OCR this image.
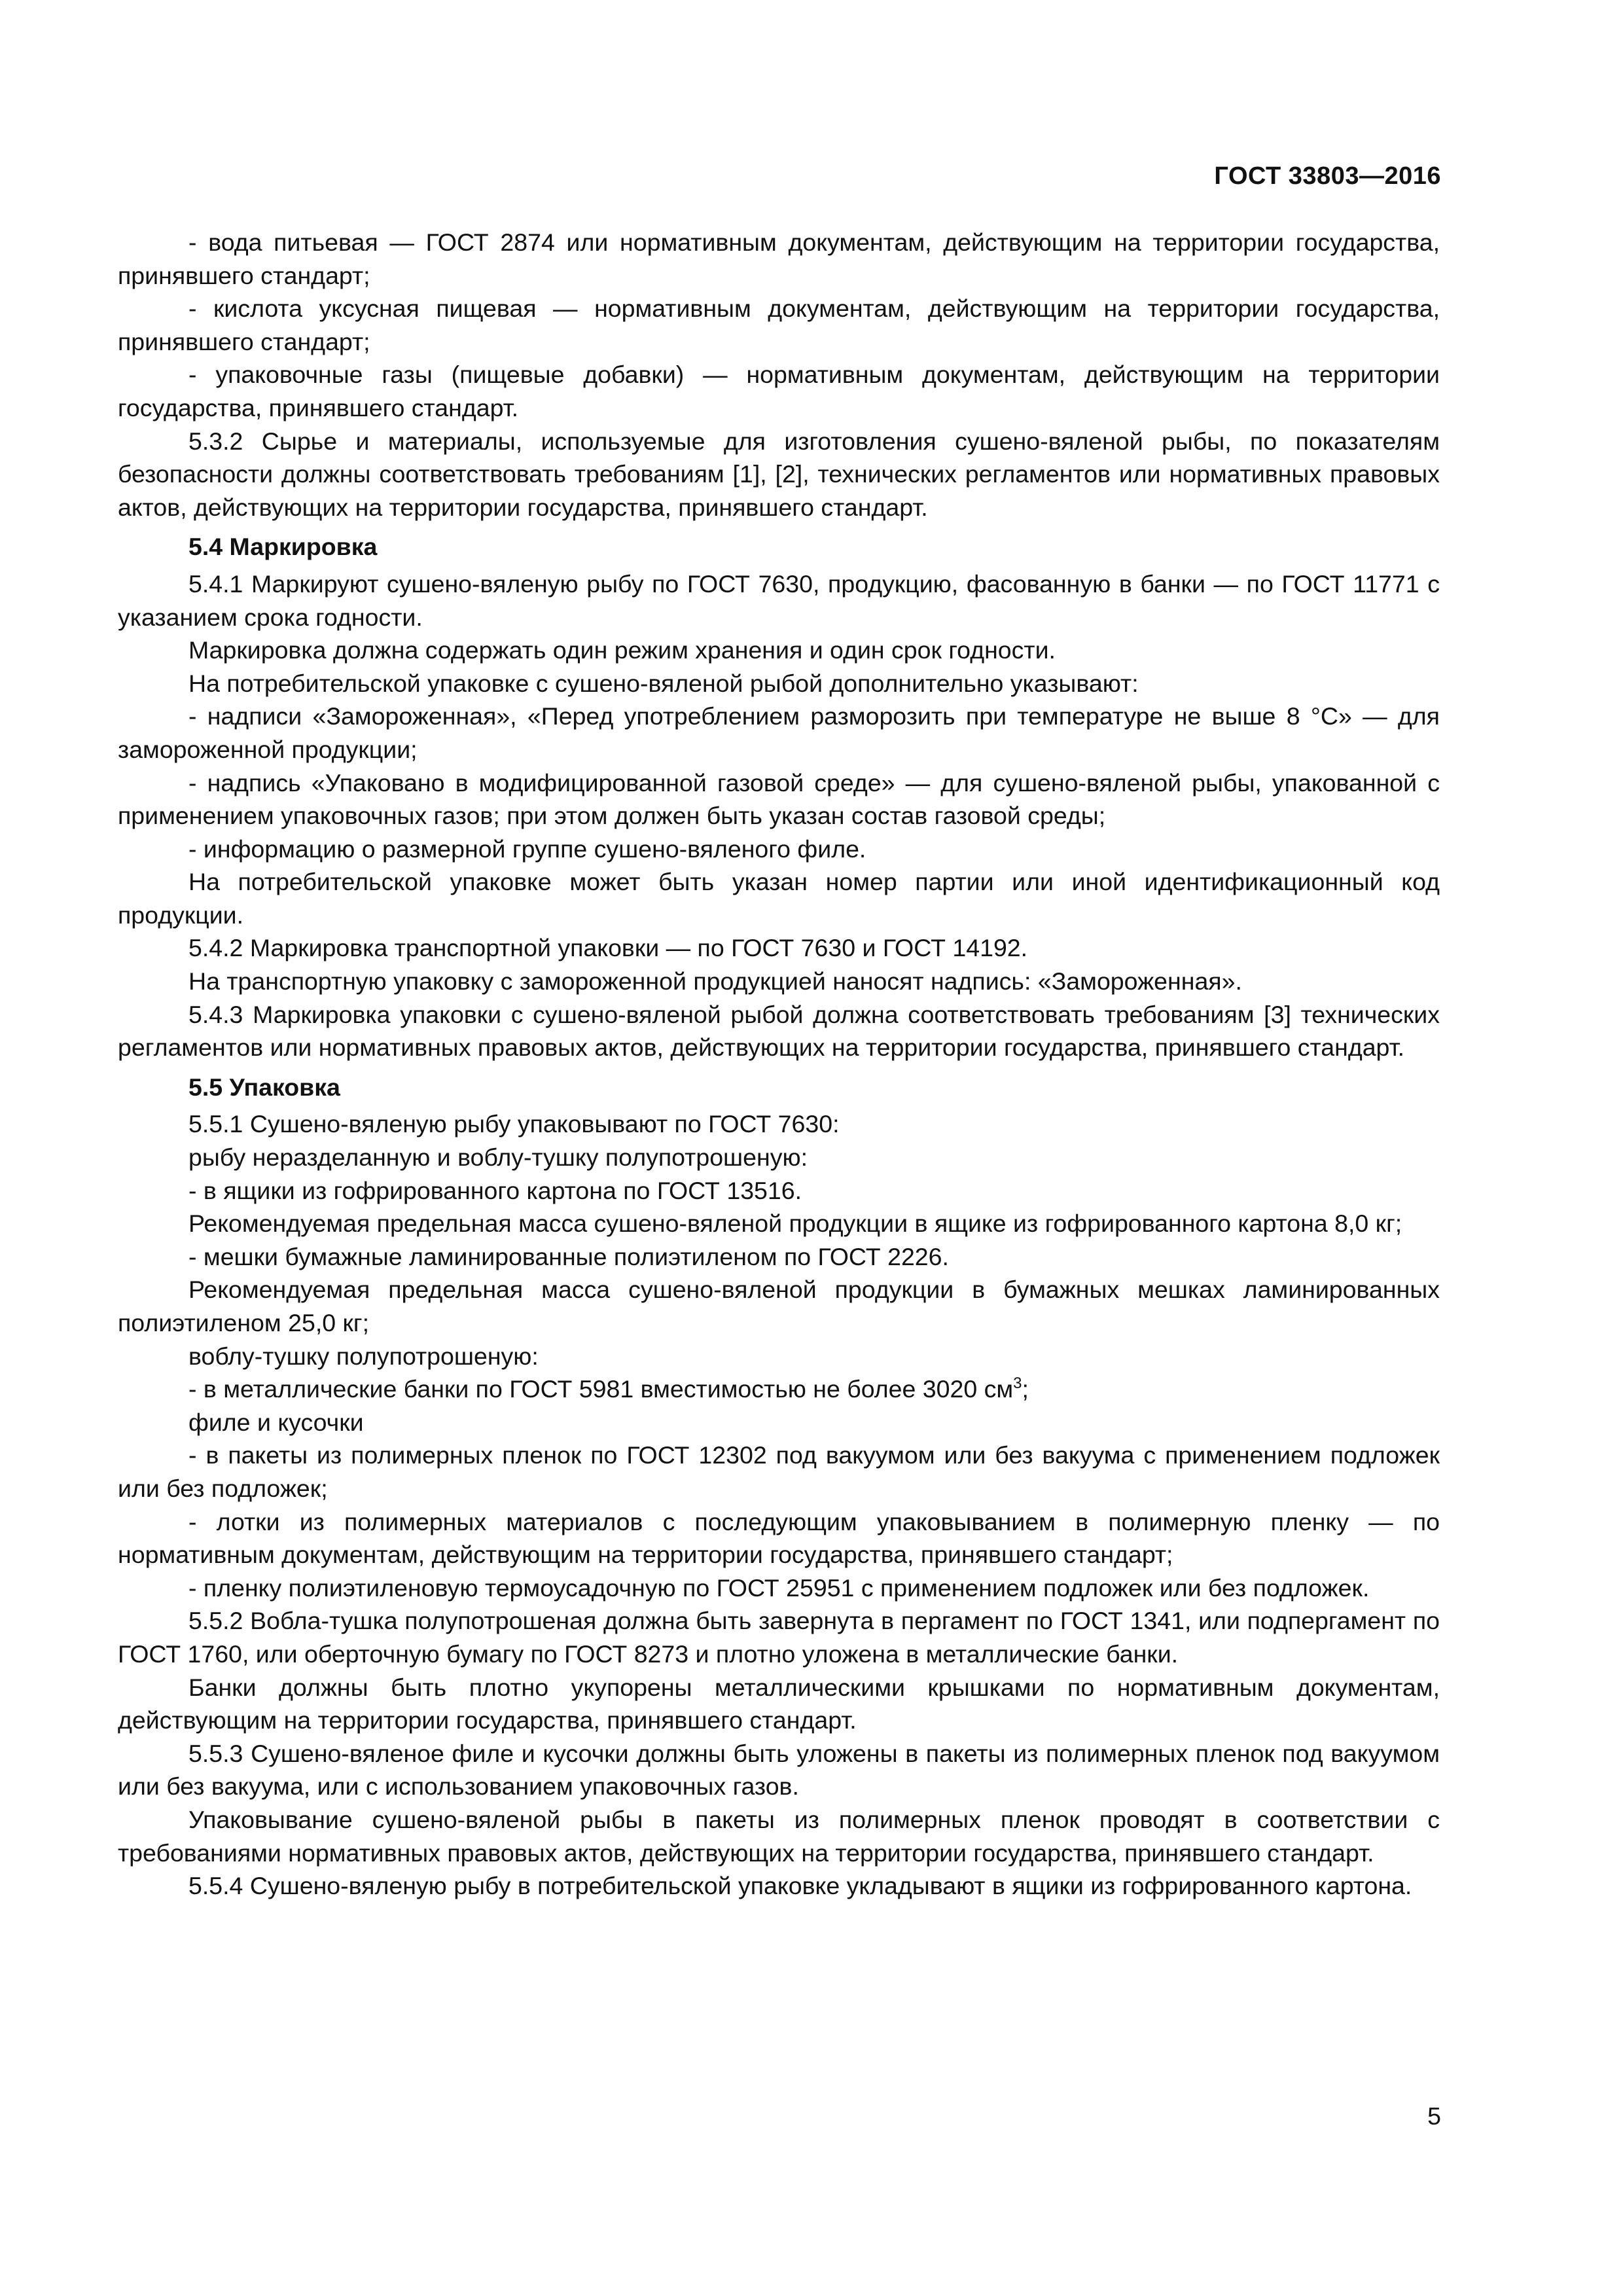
ГОСТ 33803—2016

- вода питьевая — ГОСТ 2874 или нормативным документам, действующим на территории государства, принявшего стандарт;

- кислота уксусная пищевая — нормативным документам, действующим на территории государства, принявшего стандарт;

- упаковочные газы (пищевые добавки) — нормативным документам, действующим на территории государства, принявшего стандарт.

5.3.2 Сырье и материалы, используемые для изготовления сушено-вяленой рыбы, по показателям безопасности должны соответствовать требованиям [1], [2], технических регламентов или нормативных правовых актов, действующих на территории государства, принявшего стандарт.

5.4 Маркировка

5.4.1 Маркируют сушено-вяленую рыбу по ГОСТ 7630, продукцию, фасованную в банки — по ГОСТ 11771 с указанием срока годности.

Маркировка должна содержать один режим хранения и один срок годности.

На потребительской упаковке с сушено-вяленой рыбой дополнительно указывают:

- надписи «Замороженная», «Перед употреблением разморозить при температуре не выше 8 °С» — для замороженной продукции;

- надпись «Упаковано в модифицированной газовой среде» — для сушено-вяленой рыбы, упакованной с применением упаковочных газов; при этом должен быть указан состав газовой среды;

- информацию о размерной группе сушено-вяленого филе.

На потребительской упаковке может быть указан номер партии или иной идентификационный код продукции.

5.4.2 Маркировка транспортной упаковки — по ГОСТ 7630 и ГОСТ 14192.

На транспортную упаковку с замороженной продукцией наносят надпись: «Замороженная».

5.4.3 Маркировка упаковки с сушено-вяленой рыбой должна соответствовать требованиям [3] технических регламентов или нормативных правовых актов, действующих на территории государства, принявшего стандарт.

5.5 Упаковка

5.5.1 Сушено-вяленую рыбу упаковывают по ГОСТ 7630:

рыбу неразделанную и воблу-тушку полупотрошеную:

- в ящики из гофрированного картона по ГОСТ 13516.

Рекомендуемая предельная масса сушено-вяленой продукции в ящике из гофрированного картона 8,0 кг;

- мешки бумажные ламинированные полиэтиленом по ГОСТ 2226.

Рекомендуемая предельная масса сушено-вяленой продукции в бумажных мешках ламинированных полиэтиленом 25,0 кг;

воблу-тушку полупотрошеную:

- в металлические банки по ГОСТ 5981 вместимостью не более 3020 $см^3$;

филе и кусочки

- в пакеты из полимерных пленок по ГОСТ 12302 под вакуумом или без вакуума с применением подложек или без подложек;

- лотки из полимерных материалов с последующим упаковыванием в полимерную пленку — по нормативным документам, действующим на территории государства, принявшего стандарт;

- пленку полиэтиленовую термоусадочную по ГОСТ 25951 с применением подложек или без подложек.

5.5.2 Вобла-тушка полупотрошеная должна быть завернута в пергамент по ГОСТ 1341, или подпергамент по ГОСТ 1760, или оберточную бумагу по ГОСТ 8273 и плотно уложена в металлические банки.

Банки должны быть плотно укупорены металлическими крышками по нормативным документам, действующим на территории государства, принявшего стандарт.

5.5.3 Сушено-вяленое филе и кусочки должны быть уложены в пакеты из полимерных пленок под вакуумом или без вакуума, или с использованием упаковочных газов.

Упаковывание сушено-вяленой рыбы в пакеты из полимерных пленок проводят в соответствии с требованиями нормативных правовых актов, действующих на территории государства, принявшего стандарт.

5.5.4 Сушено-вяленую рыбу в потребительской упаковке укладывают в ящики из гофрированного картона.

5
